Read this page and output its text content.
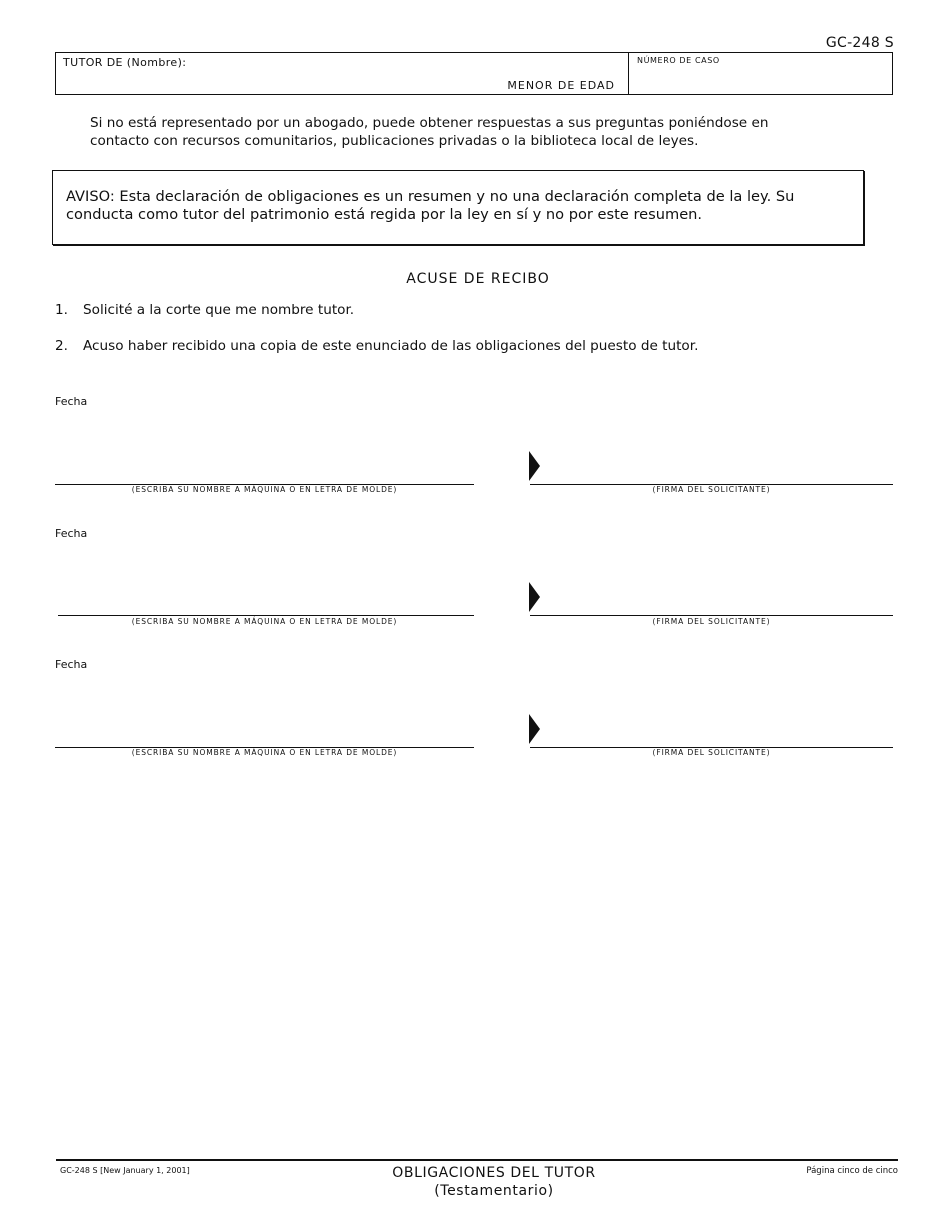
GC-248 S
TUTOR DE (Nombre):
MENOR DE EDAD
NÚMERO DE CASO
Si no está representado por un abogado, puede obtener respuestas a sus preguntas poniéndose en contacto con recursos comunitarios, publicaciones privadas o la biblioteca local de leyes.
AVISO: Esta declaración de obligaciones es un resumen y no una declaración completa de la ley. Su conducta como tutor del patrimonio está regida por la ley en sí y no por este resumen.
ACUSE DE RECIBO
1. Solicité a la corte que me nombre tutor.
2. Acuso haber recibido una copia de este enunciado de las obligaciones del puesto de tutor.
Fecha
(ESCRIBA SU NOMBRE A MÁQUINA O EN LETRA DE MOLDE)	(FIRMA DEL SOLICITANTE)
Fecha
(ESCRIBA SU NOMBRE A MÁQUINA O EN LETRA DE MOLDE)	(FIRMA DEL SOLICITANTE)
Fecha
(ESCRIBA SU NOMBRE A MÁQUINA O EN LETRA DE MOLDE)	(FIRMA DEL SOLICITANTE)
GC-248 S [New January 1, 2001]	OBLIGACIONES DEL TUTOR
(Testamentario)
Página cinco de cinco
